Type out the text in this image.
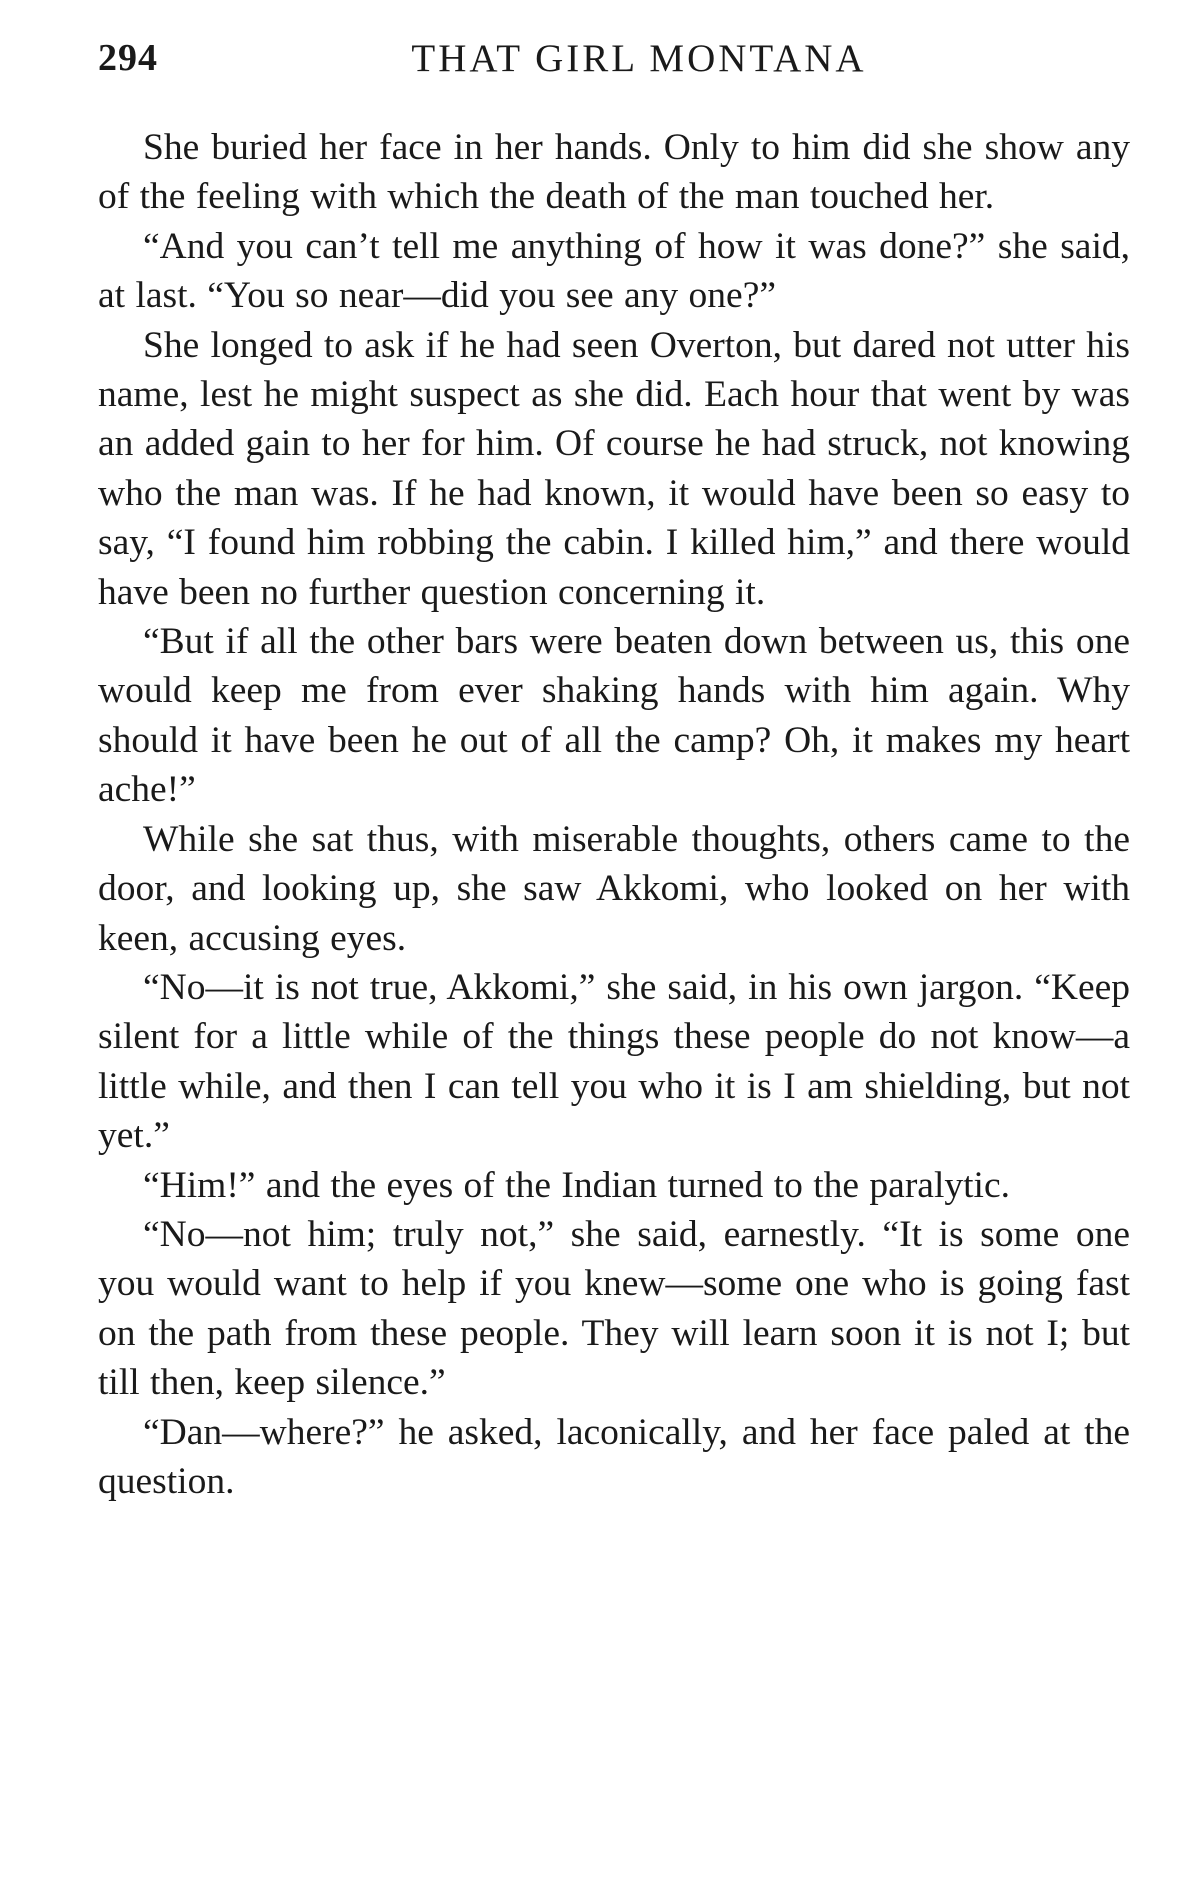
294	THAT GIRL MONTANA

She buried her face in her hands. Only to him did she show any of the feeling with which the death of the man touched her.

“And you can’t tell me anything of how it was done?” she said, at last. “You so near—did you see any one?”

She longed to ask if he had seen Overton, but dared not utter his name, lest he might suspect as she did. Each hour that went by was an added gain to her for him. Of course he had struck, not knowing who the man was. If he had known, it would have been so easy to say, “I found him robbing the cabin. I killed him,” and there would have been no further question concerning it.

“But if all the other bars were beaten down between us, this one would keep me from ever shaking hands with him again. Why should it have been he out of all the camp? Oh, it makes my heart ache!”

While she sat thus, with miserable thoughts, others came to the door, and looking up, she saw Akkomi, who looked on her with keen, accusing eyes.

“No—it is not true, Akkomi,” she said, in his own jargon. “Keep silent for a little while of the things these people do not know—a little while, and then I can tell you who it is I am shielding, but not yet.”

“Him!” and the eyes of the Indian turned to the paralytic.

“No—not him; truly not,” she said, earnestly. “It is some one you would want to help if you knew—some one who is going fast on the path from these people. They will learn soon it is not I; but till then, keep silence.”

“Dan—where?” he asked, laconically, and her face paled at the question.
